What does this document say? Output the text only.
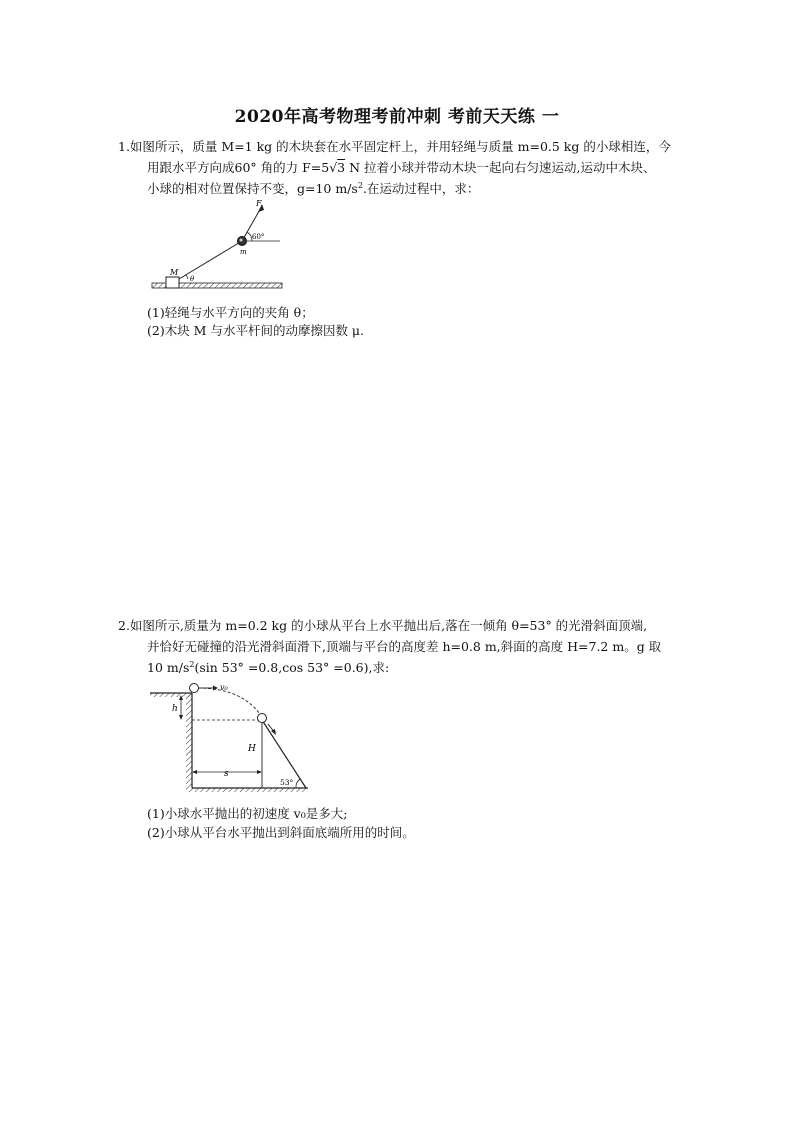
2020年高考物理考前冲刺 考前天天练 一
1.如图所示，质量 M=1 kg 的木块套在水平固定杆上，并用轻绳与质量 m=0.5 kg 的小球相连，今
用跟水平方向成60° 角的力 F=5√3 N 拉着小球并带动木块一起向右匀速运动,运动中木块、
小球的相对位置保持不变，g=10 $m/s^2$.在运动过程中，求：
F
60°
m
M
θ
(1)轻绳与水平方向的夹角 θ；
(2)木块 M 与水平杆间的动摩擦因数 μ.
2.如图所示,质量为 m=0.2 kg 的小球从平台上水平抛出后,落在一倾角 θ=53° 的光滑斜面顶端,
并恰好无碰撞的沿光滑斜面滑下,顶端与平台的高度差 h=0.8 m,斜面的高度 H=7.2 m。g 取
10 $m/s^2(\sin$ 53° =0.8,cos 53° =0.6),求:
v₀
h
H
s
53°
(1)小球水平抛出的初速度 v₀是多大;
(2)小球从平台水平抛出到斜面底端所用的时间。
